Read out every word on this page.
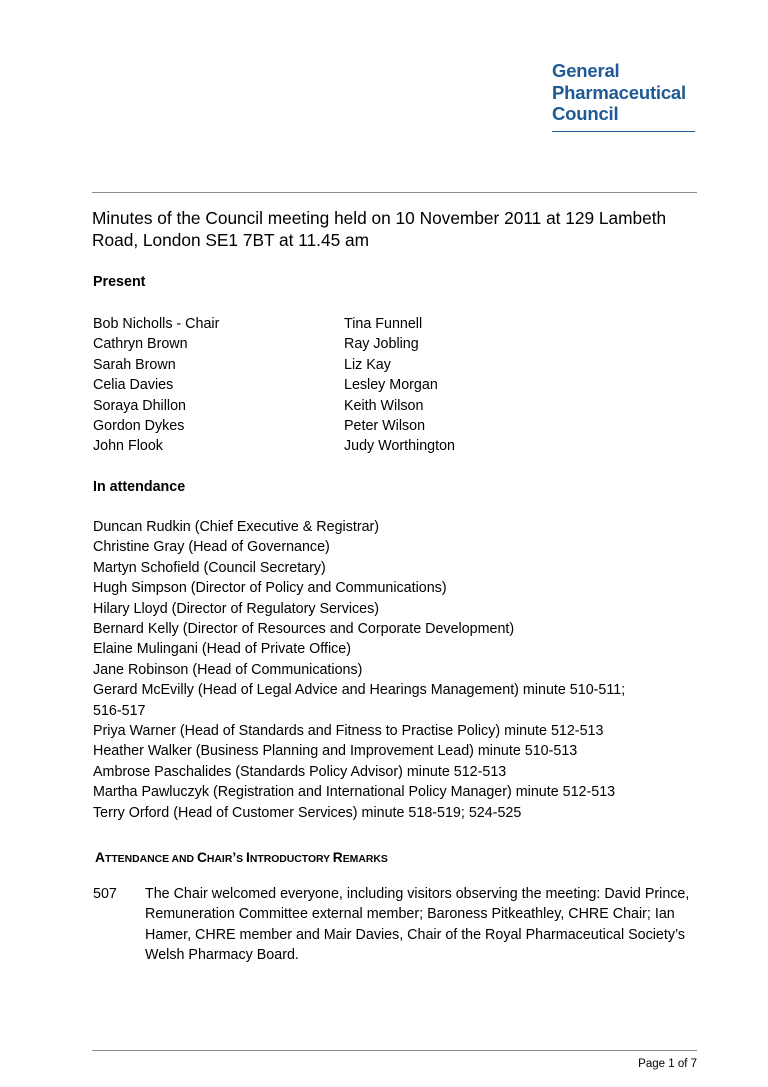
General
Pharmaceutical
Council
Minutes of the Council meeting held on 10 November 2011 at 129 Lambeth Road, London SE1 7BT at 11.45 am
Present
Bob Nicholls - Chair
Cathryn Brown
Sarah Brown
Celia Davies
Soraya Dhillon
Gordon Dykes
John Flook
Tina Funnell
Ray Jobling
Liz Kay
Lesley Morgan
Keith Wilson
Peter Wilson
Judy Worthington
In attendance
Duncan Rudkin (Chief Executive & Registrar)
Christine Gray (Head of Governance)
Martyn Schofield (Council Secretary)
Hugh Simpson (Director of Policy and Communications)
Hilary Lloyd (Director of Regulatory Services)
Bernard Kelly (Director of Resources and Corporate Development)
Elaine Mulingani (Head of Private Office)
Jane Robinson (Head of Communications)
Gerard McEvilly (Head of Legal Advice and Hearings Management) minute 510-511;
516-517
Priya Warner (Head of Standards and Fitness to Practise Policy) minute 512-513
Heather Walker (Business Planning and Improvement Lead) minute 510-513
Ambrose Paschalides (Standards Policy Advisor) minute 512-513
Martha Pawluczyk (Registration and International Policy Manager) minute 512-513
Terry Orford (Head of Customer Services) minute 518-519; 524-525
ATTENDANCE AND CHAIR’S INTRODUCTORY REMARKS
507 The Chair welcomed everyone, including visitors observing the meeting: David Prince, Remuneration Committee external member; Baroness Pitkeathley, CHRE Chair; Ian Hamer, CHRE member and Mair Davies, Chair of the Royal Pharmaceutical Society’s Welsh Pharmacy Board.
Page 1 of 7
